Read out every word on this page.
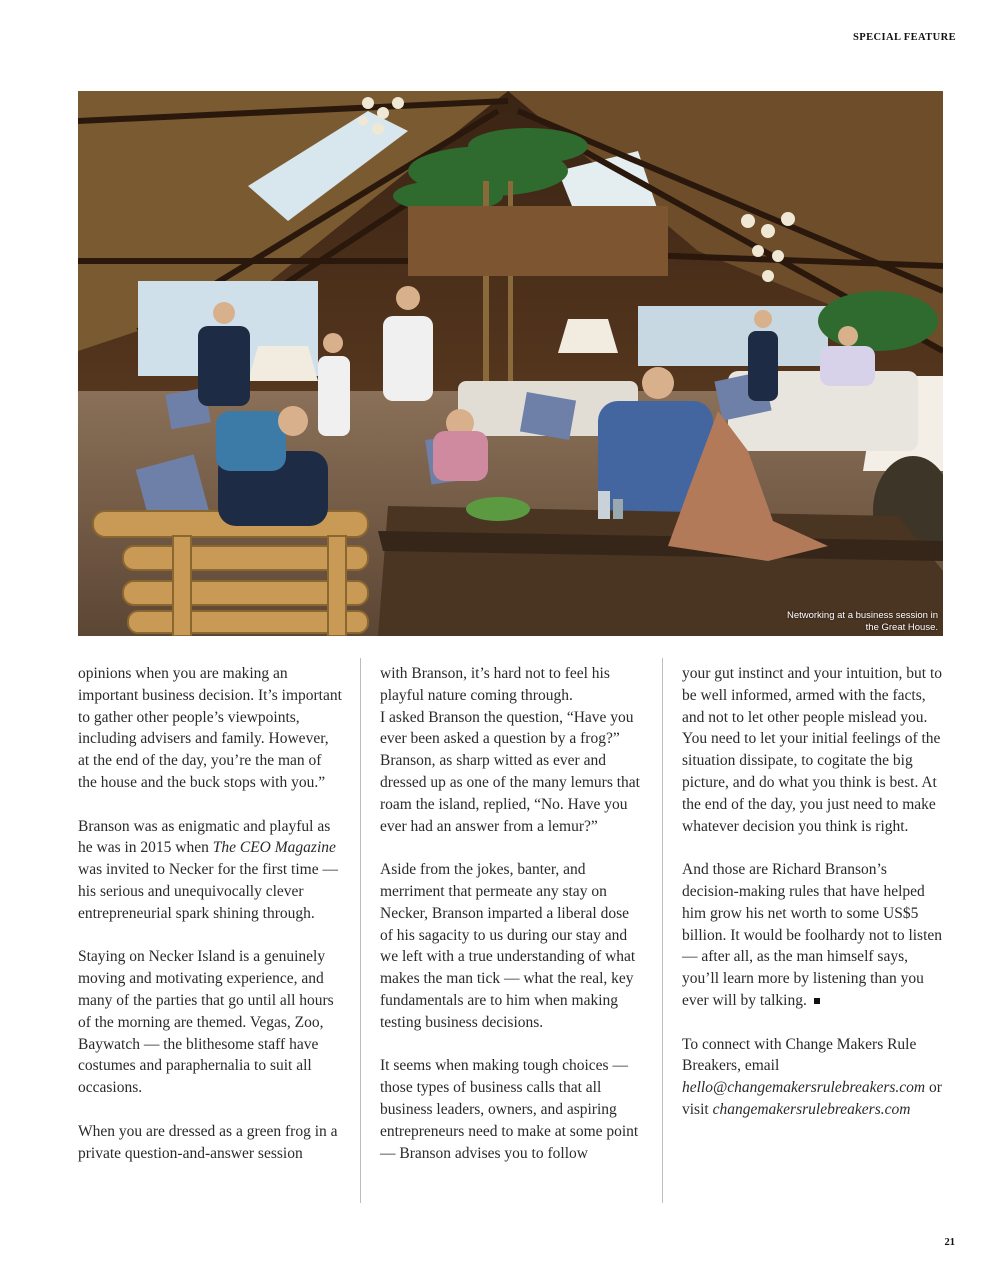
SPECIAL FEATURE
Networking at a business session in
the Great House.

opinions when you are making an important business decision. It’s important to gather other people’s viewpoints, including advisers and family. However, at the end of the day, you’re the man of the house and the buck stops with you.”

Branson was as enigmatic and playful as he was in 2015 when The CEO Magazine was invited to Necker for the first time — his serious and unequivocally clever entrepreneurial spark shining through.

Staying on Necker Island is a genuinely moving and motivating experience, and many of the parties that go until all hours of the morning are themed. Vegas, Zoo, Baywatch — the blithesome staff have costumes and paraphernalia to suit all occasions.

When you are dressed as a green frog in a private question-and-answer session

with Branson, it’s hard not to feel his playful nature coming through.

I asked Branson the question, “Have you ever been asked a question by a frog?” Branson, as sharp witted as ever and dressed up as one of the many lemurs that roam the island, replied, “No. Have you ever had an answer from a lemur?”

Aside from the jokes, banter, and merriment that permeate any stay on Necker, Branson imparted a liberal dose of his sagacity to us during our stay and we left with a true understanding of what makes the man tick — what the real, key fundamentals are to him when making testing business decisions.

It seems when making tough choices — those types of business calls that all business leaders, owners, and aspiring entrepreneurs need to make at some point — Branson advises you to follow

your gut instinct and your intuition, but to be well informed, armed with the facts, and not to let other people mislead you. You need to let your initial feelings of the situation dissipate, to cogitate the big picture, and do what you think is best. At the end of the day, you just need to make whatever decision you think is right.

And those are Richard Branson’s decision-making rules that have helped him grow his net worth to some US$5 billion. It would be foolhardy not to listen — after all, as the man himself says, you’ll learn more by listening than you ever will by talking.

To connect with Change Makers Rule Breakers, email hello@changemakersrulebreakers.com or visit changemakersrulebreakers.com

21
